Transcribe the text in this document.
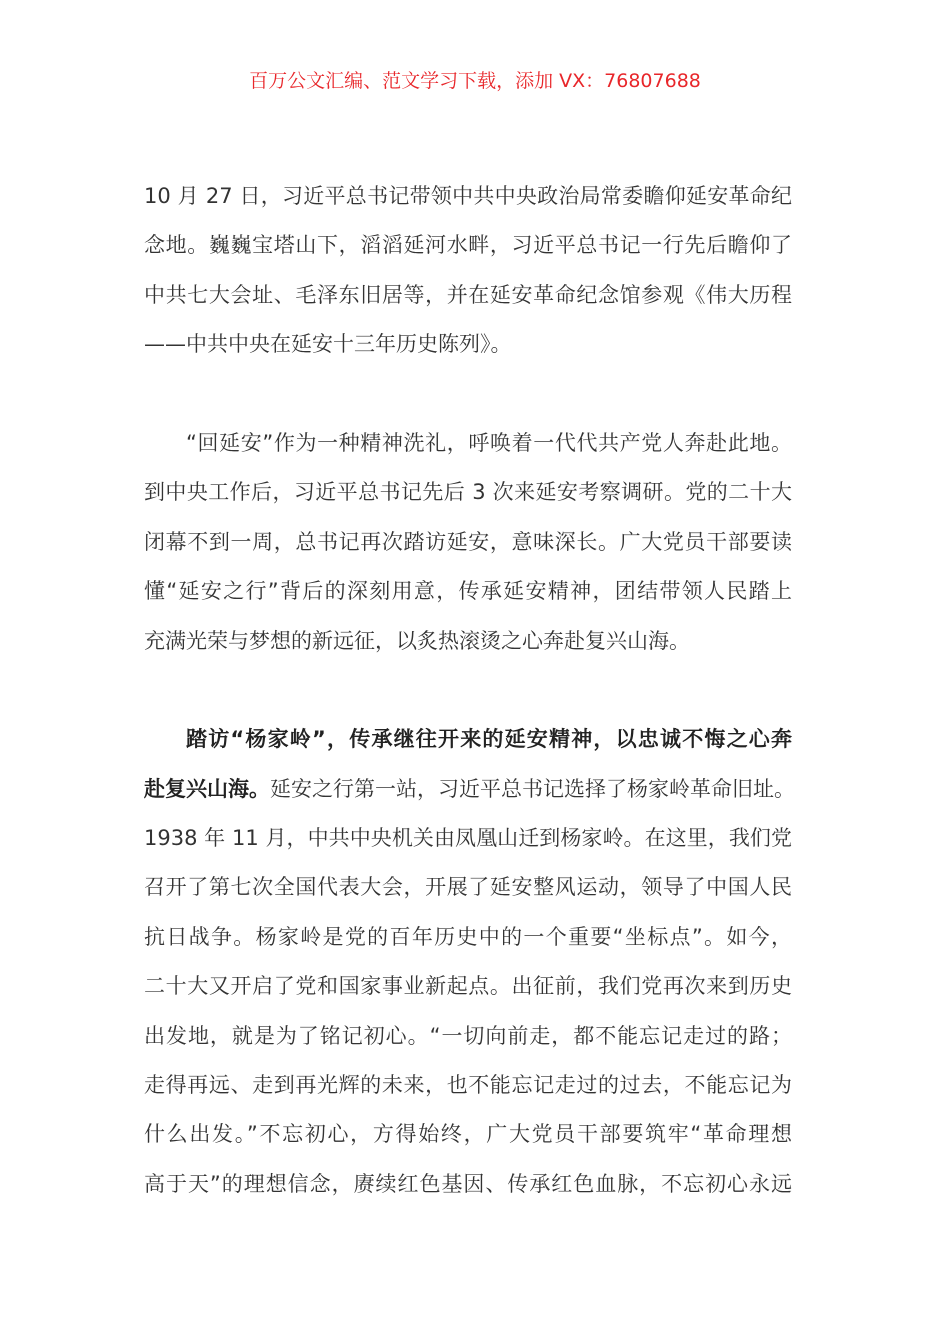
百万公文汇编、范文学习下载，添加 VX：76807688
10 月 27 日，习近平总书记带领中共中央政治局常委瞻仰延安革命纪
念地。巍巍宝塔山下，滔滔延河水畔，习近平总书记一行先后瞻仰了
中共七大会址、毛泽东旧居等，并在延安革命纪念馆参观《伟大历程
——中共中央在延安十三年历史陈列》。
“回延安”作为一种精神洗礼，呼唤着一代代共产党人奔赴此地。
到中央工作后，习近平总书记先后 3 次来延安考察调研。党的二十大
闭幕不到一周，总书记再次踏访延安，意味深长。广大党员干部要读
懂“延安之行”背后的深刻用意，传承延安精神，团结带领人民踏上
充满光荣与梦想的新远征，以炙热滚烫之心奔赴复兴山海。
踏访“杨家岭”，传承继往开来的延安精神，以忠诚不悔之心奔
赴复兴山海。延安之行第一站，习近平总书记选择了杨家岭革命旧址。
1938 年 11 月，中共中央机关由凤凰山迁到杨家岭。在这里，我们党
召开了第七次全国代表大会，开展了延安整风运动，领导了中国人民
抗日战争。杨家岭是党的百年历史中的一个重要“坐标点”。如今，
二十大又开启了党和国家事业新起点。出征前，我们党再次来到历史
出发地，就是为了铭记初心。“一切向前走，都不能忘记走过的路；
走得再远、走到再光辉的未来，也不能忘记走过的过去，不能忘记为
什么出发。”不忘初心，方得始终，广大党员干部要筑牢“革命理想
高于天”的理想信念，赓续红色基因、传承红色血脉，不忘初心永远
